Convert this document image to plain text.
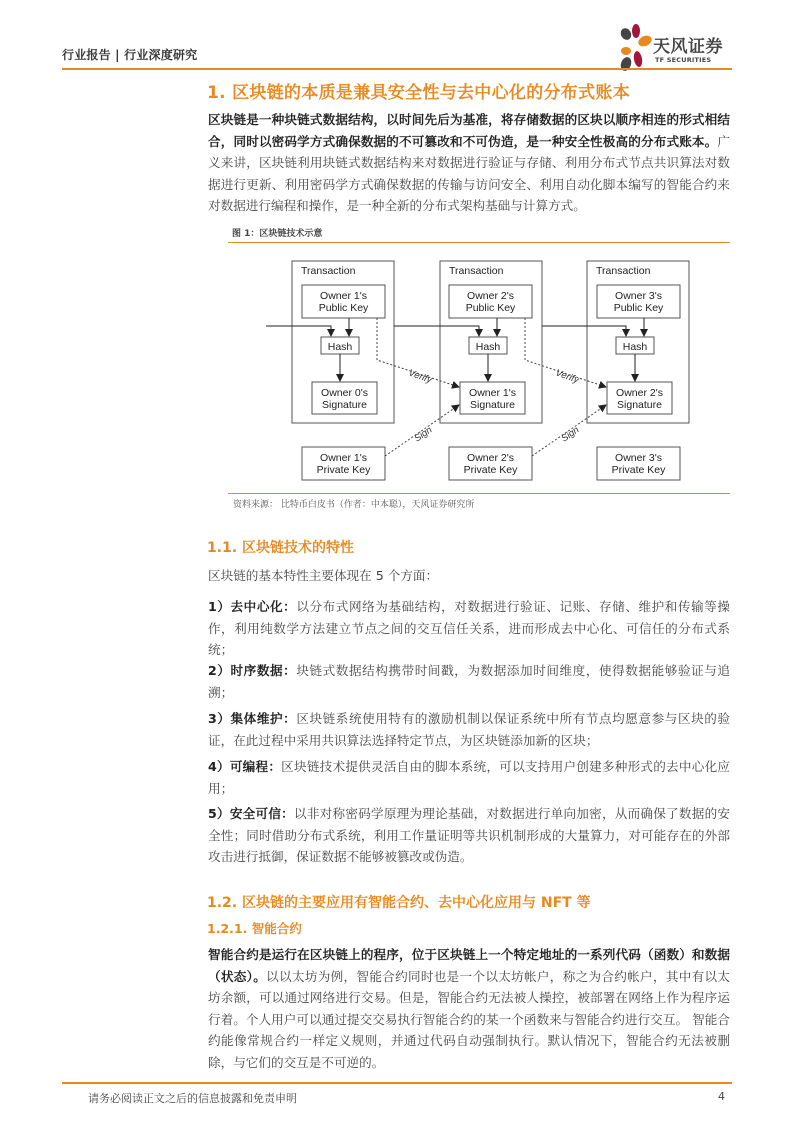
行业报告 | 行业深度研究	天风证券
TF SECURITIES
1. 区块链的本质是兼具安全性与去中心化的分布式账本
区块链是一种块链式数据结构，以时间先后为基准，将存储数据的区块以顺序相连的形式相结合，同时以密码学方式确保数据的不可篡改和不可伪造，是一种安全性极高的分布式账本。广义来讲，区块链利用块链式数据结构来对数据进行验证与存储、利用分布式节点共识算法对数据进行更新、利用密码学方式确保数据的传输与访问安全、利用自动化脚本编写的智能合约来对数据进行编程和操作，是一种全新的分布式架构基础与计算方式。
图 1：区块链技术示意
Transaction	Transaction	Transaction
Owner 1's
Public Key
Owner 2's
Public Key
Owner 3's
Public Key
Hash	Hash	Hash
Owner 0's
Signature
Owner 1's
Signature
Owner 2's
Signature
Owner 1's
Private Key
Owner 2's
Private Key
Owner 3's
Private Key
Verify	Verify
Sign	Sign
资料来源： 比特币白皮书（作者：中本聪），天风证券研究所
1.1. 区块链技术的特性
区块链的基本特性主要体现在 5 个方面：
1）去中心化：以分布式网络为基础结构，对数据进行验证、记账、存储、维护和传输等操作，利用纯数学方法建立节点之间的交互信任关系，进而形成去中心化、可信任的分布式系统；
2）时序数据：块链式数据结构携带时间戳，为数据添加时间维度，使得数据能够验证与追溯；
3）集体维护：区块链系统使用特有的激励机制以保证系统中所有节点均愿意参与区块的验证，在此过程中采用共识算法选择特定节点，为区块链添加新的区块；
4）可编程：区块链技术提供灵活自由的脚本系统，可以支持用户创建多种形式的去中心化应用；
5）安全可信：以非对称密码学原理为理论基础，对数据进行单向加密，从而确保了数据的安全性；同时借助分布式系统，利用工作量证明等共识机制形成的大量算力，对可能存在的外部攻击进行抵御，保证数据不能够被篡改或伪造。
1.2. 区块链的主要应用有智能合约、去中心化应用与 NFT 等
1.2.1. 智能合约
智能合约是运行在区块链上的程序，位于区块链上一个特定地址的一系列代码（函数）和数据（状态）。以以太坊为例，智能合约同时也是一个以太坊帐户，称之为合约帐户，其中有以太坊余额，可以通过网络进行交易。但是，智能合约无法被人操控，被部署在网络上作为程序运行着。个人用户可以通过提交交易执行智能合约的某一个函数来与智能合约进行交互。 智能合约能像常规合约一样定义规则，并通过代码自动强制执行。默认情况下，智能合约无法被删除，与它们的交互是不可逆的。
请务必阅读正文之后的信息披露和免责申明	4
